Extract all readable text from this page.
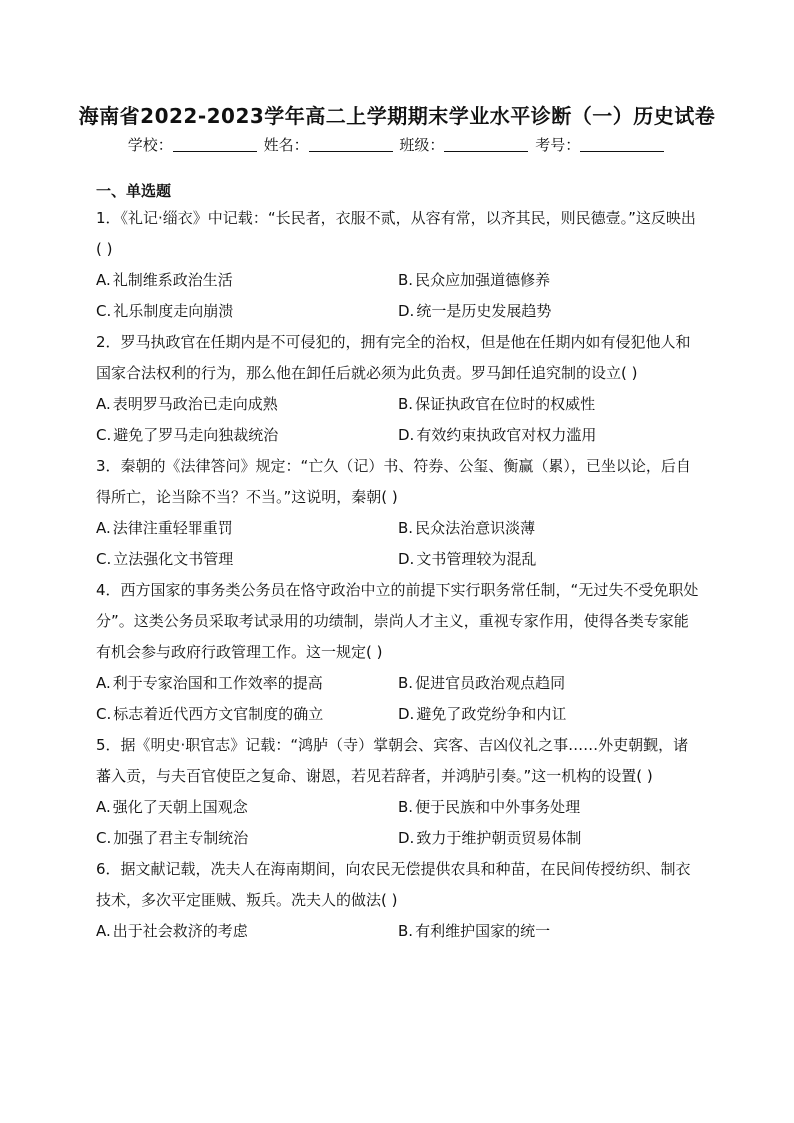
海南省2022-2023学年高二上学期期末学业水平诊断（一）历史试卷
学校：	姓名：	班级：	考号：
一、单选题

1．《礼记·缁衣》中记载：“长民者，衣服不贰，从容有常，以齐其民，则民德壹。”这反映出( )

A. 礼制维系政治生活	B. 民众应加强道德修养
C. 礼乐制度走向崩溃	D. 统一是历史发展趋势

2．罗马执政官在任期内是不可侵犯的，拥有完全的治权，但是他在任期内如有侵犯他人和国家合法权利的行为，那么他在卸任后就必须为此负责。罗马卸任追究制的设立( )

A. 表明罗马政治已走向成熟	B. 保证执政官在位时的权威性
C. 避免了罗马走向独裁统治	D. 有效约束执政官对权力滥用

3．秦朝的《法律答问》规定：“亡久（记）书、符券、公玺、衡赢（累），已坐以论，后自得所亡，论当除不当？不当。”这说明，秦朝( )

A. 法律注重轻罪重罚	B. 民众法治意识淡薄
C. 立法强化文书管理	D. 文书管理较为混乱

4．西方国家的事务类公务员在恪守政治中立的前提下实行职务常任制，“无过失不受免职处分”。这类公务员采取考试录用的功绩制，崇尚人才主义，重视专家作用，使得各类专家能有机会参与政府行政管理工作。这一规定( )

A. 利于专家治国和工作效率的提高	B. 促进官员政治观点趋同
C. 标志着近代西方文官制度的确立	D. 避免了政党纷争和内讧

5．据《明史·职官志》记载：“鸿胪（寺）掌朝会、宾客、吉凶仪礼之事……外吏朝觐，诸蕃入贡，与夫百官使臣之复命、谢恩，若见若辞者，并鸿胪引奏。”这一机构的设置( )

A. 强化了天朝上国观念	B. 便于民族和中外事务处理
C. 加强了君主专制统治	D. 致力于维护朝贡贸易体制

6．据文献记载，冼夫人在海南期间，向农民无偿提供农具和种苗，在民间传授纺织、制衣技术，多次平定匪贼、叛兵。冼夫人的做法( )

A. 出于社会救济的考虑	B. 有利维护国家的统一
